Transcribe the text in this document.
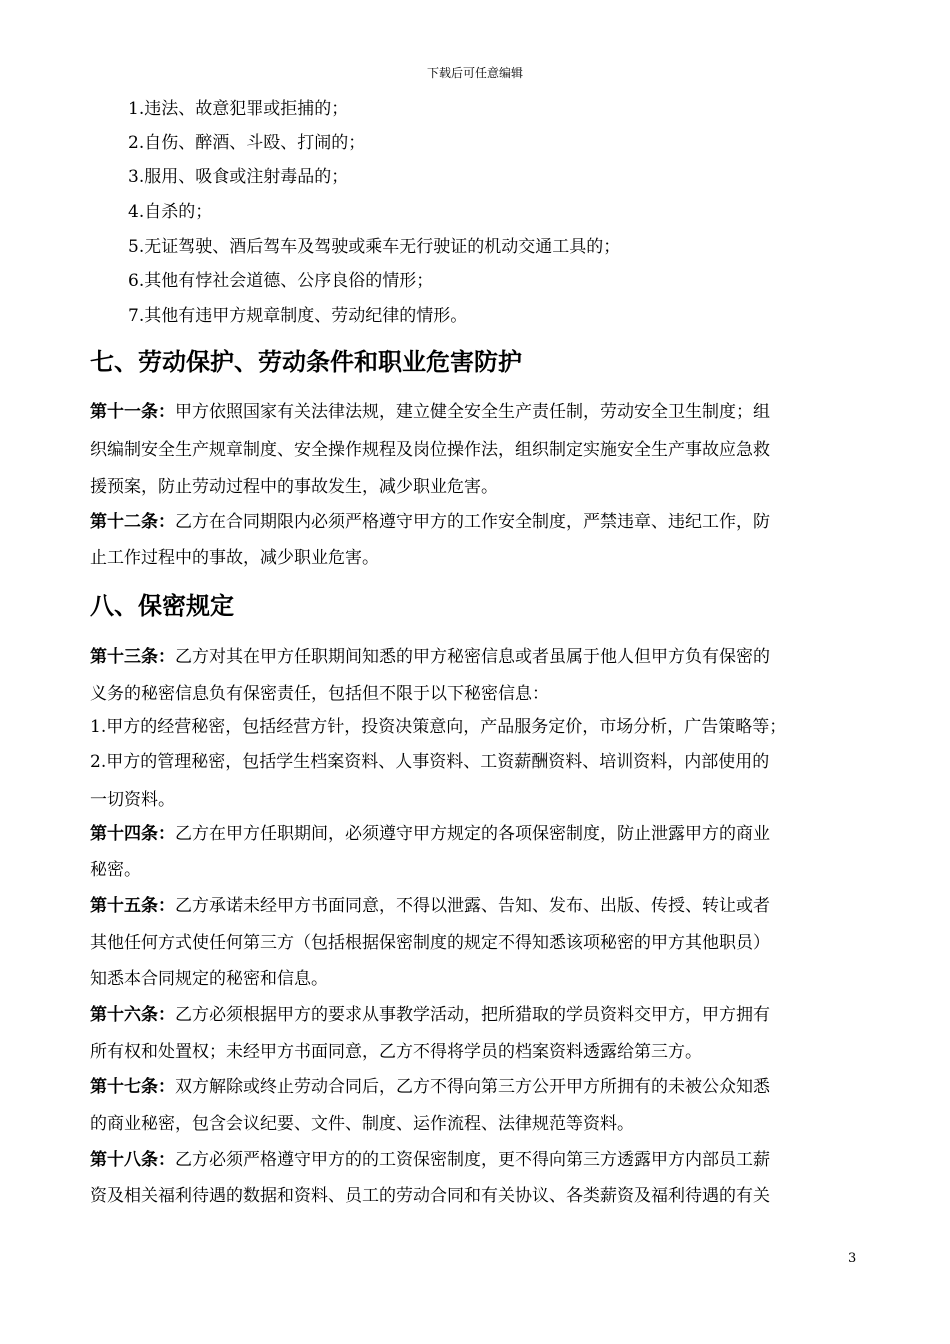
下载后可任意编辑
1.违法、故意犯罪或拒捕的；
2.自伤、醉酒、斗殴、打闹的；
3.服用、吸食或注射毒品的；
4.自杀的；
5.无证驾驶、酒后驾车及驾驶或乘车无行驶证的机动交通工具的；
6.其他有悖社会道德、公序良俗的情形；
7.其他有违甲方规章制度、劳动纪律的情形。
七、劳动保护、劳动条件和职业危害防护
第十一条：甲方依照国家有关法律法规，建立健全安全生产责任制，劳动安全卫生制度；组
织编制安全生产规章制度、安全操作规程及岗位操作法，组织制定实施安全生产事故应急救
援预案，防止劳动过程中的事故发生，减少职业危害。
第十二条：乙方在合同期限内必须严格遵守甲方的工作安全制度，严禁违章、违纪工作，防
止工作过程中的事故，减少职业危害。
八、保密规定
第十三条：乙方对其在甲方任职期间知悉的甲方秘密信息或者虽属于他人但甲方负有保密的
义务的秘密信息负有保密责任，包括但不限于以下秘密信息：
1.甲方的经营秘密，包括经营方针，投资决策意向，产品服务定价，市场分析，广告策略等；
2.甲方的管理秘密，包括学生档案资料、人事资料、工资薪酬资料、培训资料，内部使用的
一切资料。
第十四条：乙方在甲方任职期间，必须遵守甲方规定的各项保密制度，防止泄露甲方的商业
秘密。
第十五条：乙方承诺未经甲方书面同意，不得以泄露、告知、发布、出版、传授、转让或者
其他任何方式使任何第三方（包括根据保密制度的规定不得知悉该项秘密的甲方其他职员）
知悉本合同规定的秘密和信息。
第十六条：乙方必须根据甲方的要求从事教学活动，把所猎取的学员资料交甲方，甲方拥有
所有权和处置权；未经甲方书面同意，乙方不得将学员的档案资料透露给第三方。
第十七条：双方解除或终止劳动合同后，乙方不得向第三方公开甲方所拥有的未被公众知悉
的商业秘密，包含会议纪要、文件、制度、运作流程、法律规范等资料。
第十八条：乙方必须严格遵守甲方的的工资保密制度，更不得向第三方透露甲方内部员工薪
资及相关福利待遇的数据和资料、员工的劳动合同和有关协议、各类薪资及福利待遇的有关
3
